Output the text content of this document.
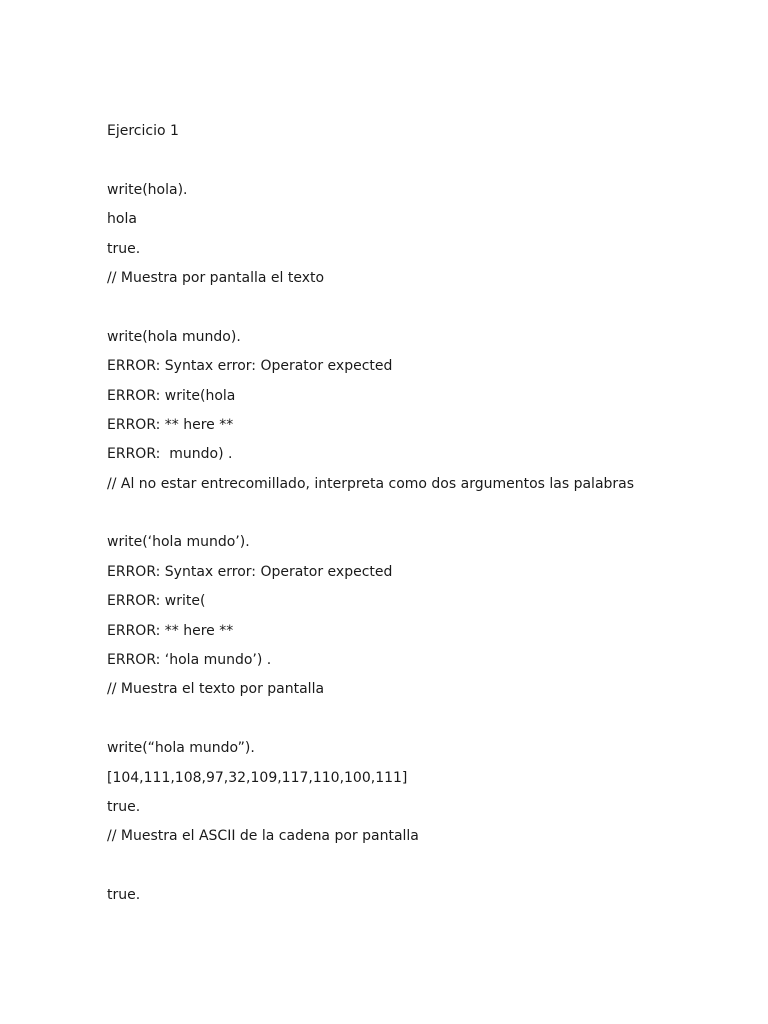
Ejercicio 1
write(hola).
hola
true.
// Muestra por pantalla el texto
write(hola mundo).
ERROR: Syntax error: Operator expected
ERROR: write(hola
ERROR: ** here **
ERROR:  mundo) .
// Al no estar entrecomillado, interpreta como dos argumentos las palabras
write(‘hola mundo’).
ERROR: Syntax error: Operator expected
ERROR: write(
ERROR: ** here **
ERROR: ‘hola mundo’) .
// Muestra el texto por pantalla
write(“hola mundo”).
[104,111,108,97,32,109,117,110,100,111]
true.
// Muestra el ASCII de la cadena por pantalla
true.
